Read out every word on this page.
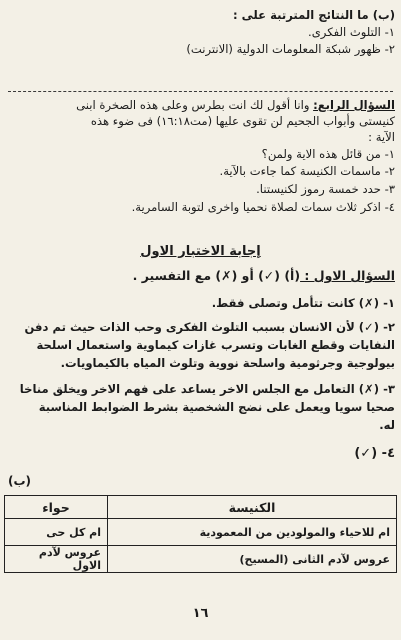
(ب) ما النتائج المترتبة على :
١- التلوث الفكرى.
٢- ظهور شبكة المعلومات الدولية (الانترنت)
السؤال الرابع: وانا أقول لك انت بطرس وعلى هذه الصخرة ابنى
كنيستى وأبواب الجحيم لن تقوى عليها (مت١٦:١٨) فى ضوء هذه
الآية :
١- من قائل هذه الاية ولمن؟
٢- ماسمات الكنيسة كما جاءت بالآية.
٣- حدد خمسة رموز لكنيستنا.
٤- اذكر ثلاث سمات لصلاة نحميا واخرى لتوبة السامرية.
إجابة الاختبار الاول
السؤال الاول : (أ) (✓) أو (✗) مع التفسير .
١- (✗) كانت تتأمل وتصلى فقط.
٢- (✓) لأن الانسان بسبب التلوث الفكرى وحب الذات حيث تم دفن
النفايات وقطع الغابات وتسرب غازات كيماوية واستعمال اسلحة
بيولوجية وجرثومية واسلحة نووية وتلوث المياه بالكيماويات.
٣- (✗) التعامل مع الجلس الاخر يساعد على فهم الاخر ويخلق مناخا
صحيا سويا ويعمل على نضج الشخصية بشرط الضوابط المناسبة
له.
٤- (✓)
(ب)
الكنيسة	حواء
ام للاحياء والمولودين من المعمودية	ام كل حى
عروس لآدم الثانى (المسيح)	عروس لآدم الاول
١٦
